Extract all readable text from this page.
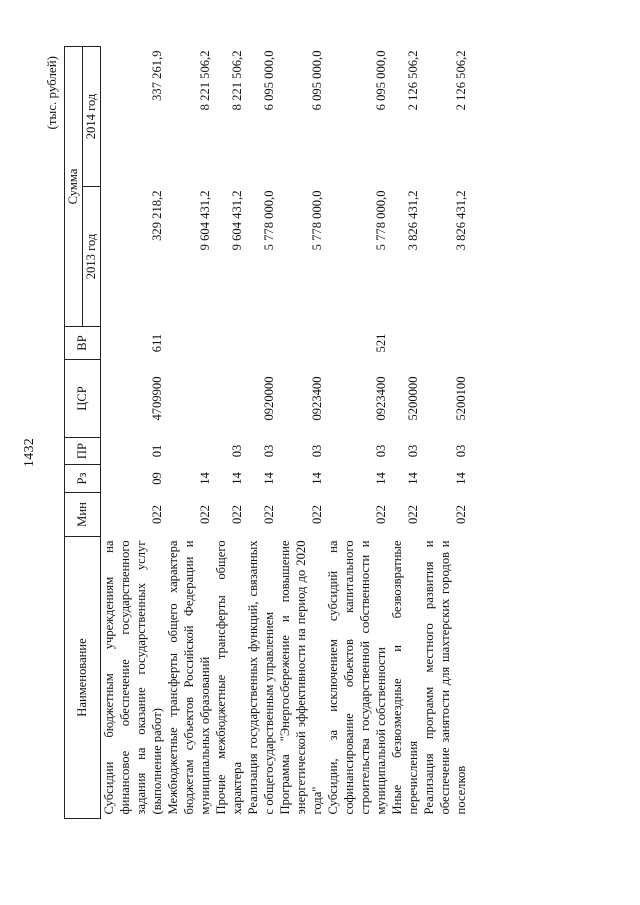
1432
(тыс. рублей)
Наименование	Мин	Рз	ПР	ЦСР	ВР	Сумма	
						2013 год	2014 год
Субсидии бюджетным учреждениям на финансовое обеспечение государственного задания на оказание государственных услуг (выполнение работ)	022	09	01	4709900	611	329 218,2	337 261,9
Межбюджетные трансферты общего характера бюджетам субъектов Российской Федерации и муниципальных образований	022	14				9 604 431,2	8 221 506,2
Прочие межбюджетные трансферты общего характера	022	14	03			9 604 431,2	8 221 506,2
Реализация государственных функций, связанных с общегосударственным управлением	022	14	03	0920000		5 778 000,0	6 095 000,0
Программа "Энергосбережение и повышение энергетической эффективности на период до 2020 года"	022	14	03	0923400		5 778 000,0	6 095 000,0
Субсидии, за исключением субсидий на софинансирование объектов капитального строительства государственной собственности и муниципальной собственности	022	14	03	0923400	521	5 778 000,0	6 095 000,0
Иные безвозмездные и безвозвратные перечисления	022	14	03	5200000		3 826 431,2	2 126 506,2
Реализация программ местного развития и обеспечение занятости для шахтерских городов и поселков	022	14	03	5200100		3 826 431,2	2 126 506,2
